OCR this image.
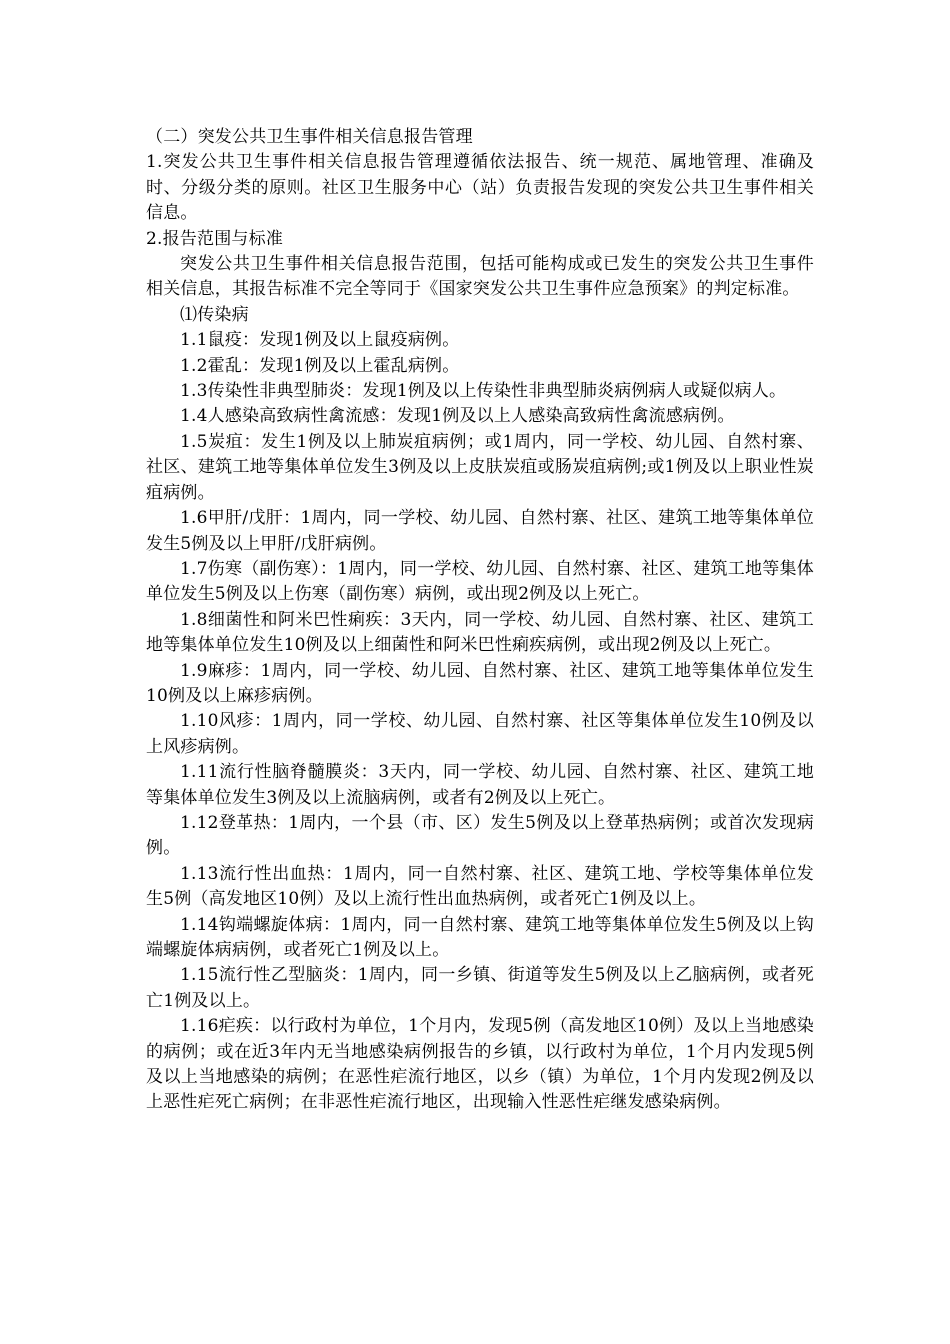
（二）突发公共卫生事件相关信息报告管理

1.突发公共卫生事件相关信息报告管理遵循依法报告、统一规范、属地管理、准确及时、分级分类的原则。社区卫生服务中心（站）负责报告发现的突发公共卫生事件相关信息。

2.报告范围与标准

突发公共卫生事件相关信息报告范围，包括可能构成或已发生的突发公共卫生事件相关信息，其报告标准不完全等同于《国家突发公共卫生事件应急预案》的判定标准。

⑴传染病

1.1鼠疫：发现1例及以上鼠疫病例。

1.2霍乱：发现1例及以上霍乱病例。

1.3传染性非典型肺炎：发现1例及以上传染性非典型肺炎病例病人或疑似病人。

1.4人感染高致病性禽流感：发现1例及以上人感染高致病性禽流感病例。

1.5炭疽：发生1例及以上肺炭疽病例；或1周内，同一学校、幼儿园、自然村寨、社区、建筑工地等集体单位发生3例及以上皮肤炭疽或肠炭疽病例;或1例及以上职业性炭疽病例。

1.6甲肝/戊肝：1周内，同一学校、幼儿园、自然村寨、社区、建筑工地等集体单位发生5例及以上甲肝/戊肝病例。

1.7伤寒（副伤寒）：1周内，同一学校、幼儿园、自然村寨、社区、建筑工地等集体单位发生5例及以上伤寒（副伤寒）病例，或出现2例及以上死亡。

1.8细菌性和阿米巴性痢疾：3天内，同一学校、幼儿园、自然村寨、社区、建筑工地等集体单位发生10例及以上细菌性和阿米巴性痢疾病例，或出现2例及以上死亡。

1.9麻疹：1周内，同一学校、幼儿园、自然村寨、社区、建筑工地等集体单位发生10例及以上麻疹病例。

1.10风疹：1周内，同一学校、幼儿园、自然村寨、社区等集体单位发生10例及以上风疹病例。

1.11流行性脑脊髓膜炎：3天内，同一学校、幼儿园、自然村寨、社区、建筑工地等集体单位发生3例及以上流脑病例，或者有2例及以上死亡。

1.12登革热：1周内，一个县（市、区）发生5例及以上登革热病例；或首次发现病例。

1.13流行性出血热：1周内，同一自然村寨、社区、建筑工地、学校等集体单位发生5例（高发地区10例）及以上流行性出血热病例，或者死亡1例及以上。

1.14钩端螺旋体病：1周内，同一自然村寨、建筑工地等集体单位发生5例及以上钩端螺旋体病病例，或者死亡1例及以上。

1.15流行性乙型脑炎：1周内，同一乡镇、街道等发生5例及以上乙脑病例，或者死亡1例及以上。

1.16疟疾：以行政村为单位，1个月内，发现5例（高发地区10例）及以上当地感染的病例；或在近3年内无当地感染病例报告的乡镇，以行政村为单位，1个月内发现5例及以上当地感染的病例；在恶性疟流行地区，以乡（镇）为单位，1个月内发现2例及以上恶性疟死亡病例；在非恶性疟流行地区，出现输入性恶性疟继发感染病例。
